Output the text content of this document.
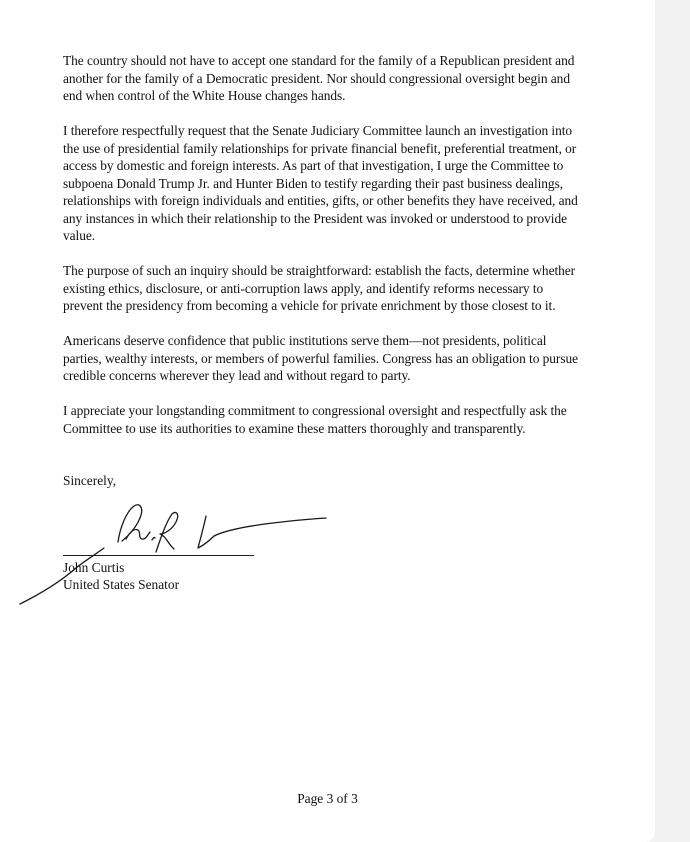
The country should not have to accept one standard for the family of a Republican president and another for the family of a Democratic president. Nor should congressional oversight begin and end when control of the White House changes hands.

I therefore respectfully request that the Senate Judiciary Committee launch an investigation into the use of presidential family relationships for private financial benefit, preferential treatment, or access by domestic and foreign interests. As part of that investigation, I urge the Committee to subpoena Donald Trump Jr. and Hunter Biden to testify regarding their past business dealings, relationships with foreign individuals and entities, gifts, or other benefits they have received, and any instances in which their relationship to the President was invoked or understood to provide value.

The purpose of such an inquiry should be straightforward: establish the facts, determine whether existing ethics, disclosure, or anti-corruption laws apply, and identify reforms necessary to prevent the presidency from becoming a vehicle for private enrichment by those closest to it.

Americans deserve confidence that public institutions serve them—not presidents, political parties, wealthy interests, or members of powerful families. Congress has an obligation to pursue credible concerns wherever they lead and without regard to party.

I appreciate your longstanding commitment to congressional oversight and respectfully ask the Committee to use its authorities to examine these matters thoroughly and transparently.

Sincerely,

John Curtis

United States Senator

Page 3 of 3
